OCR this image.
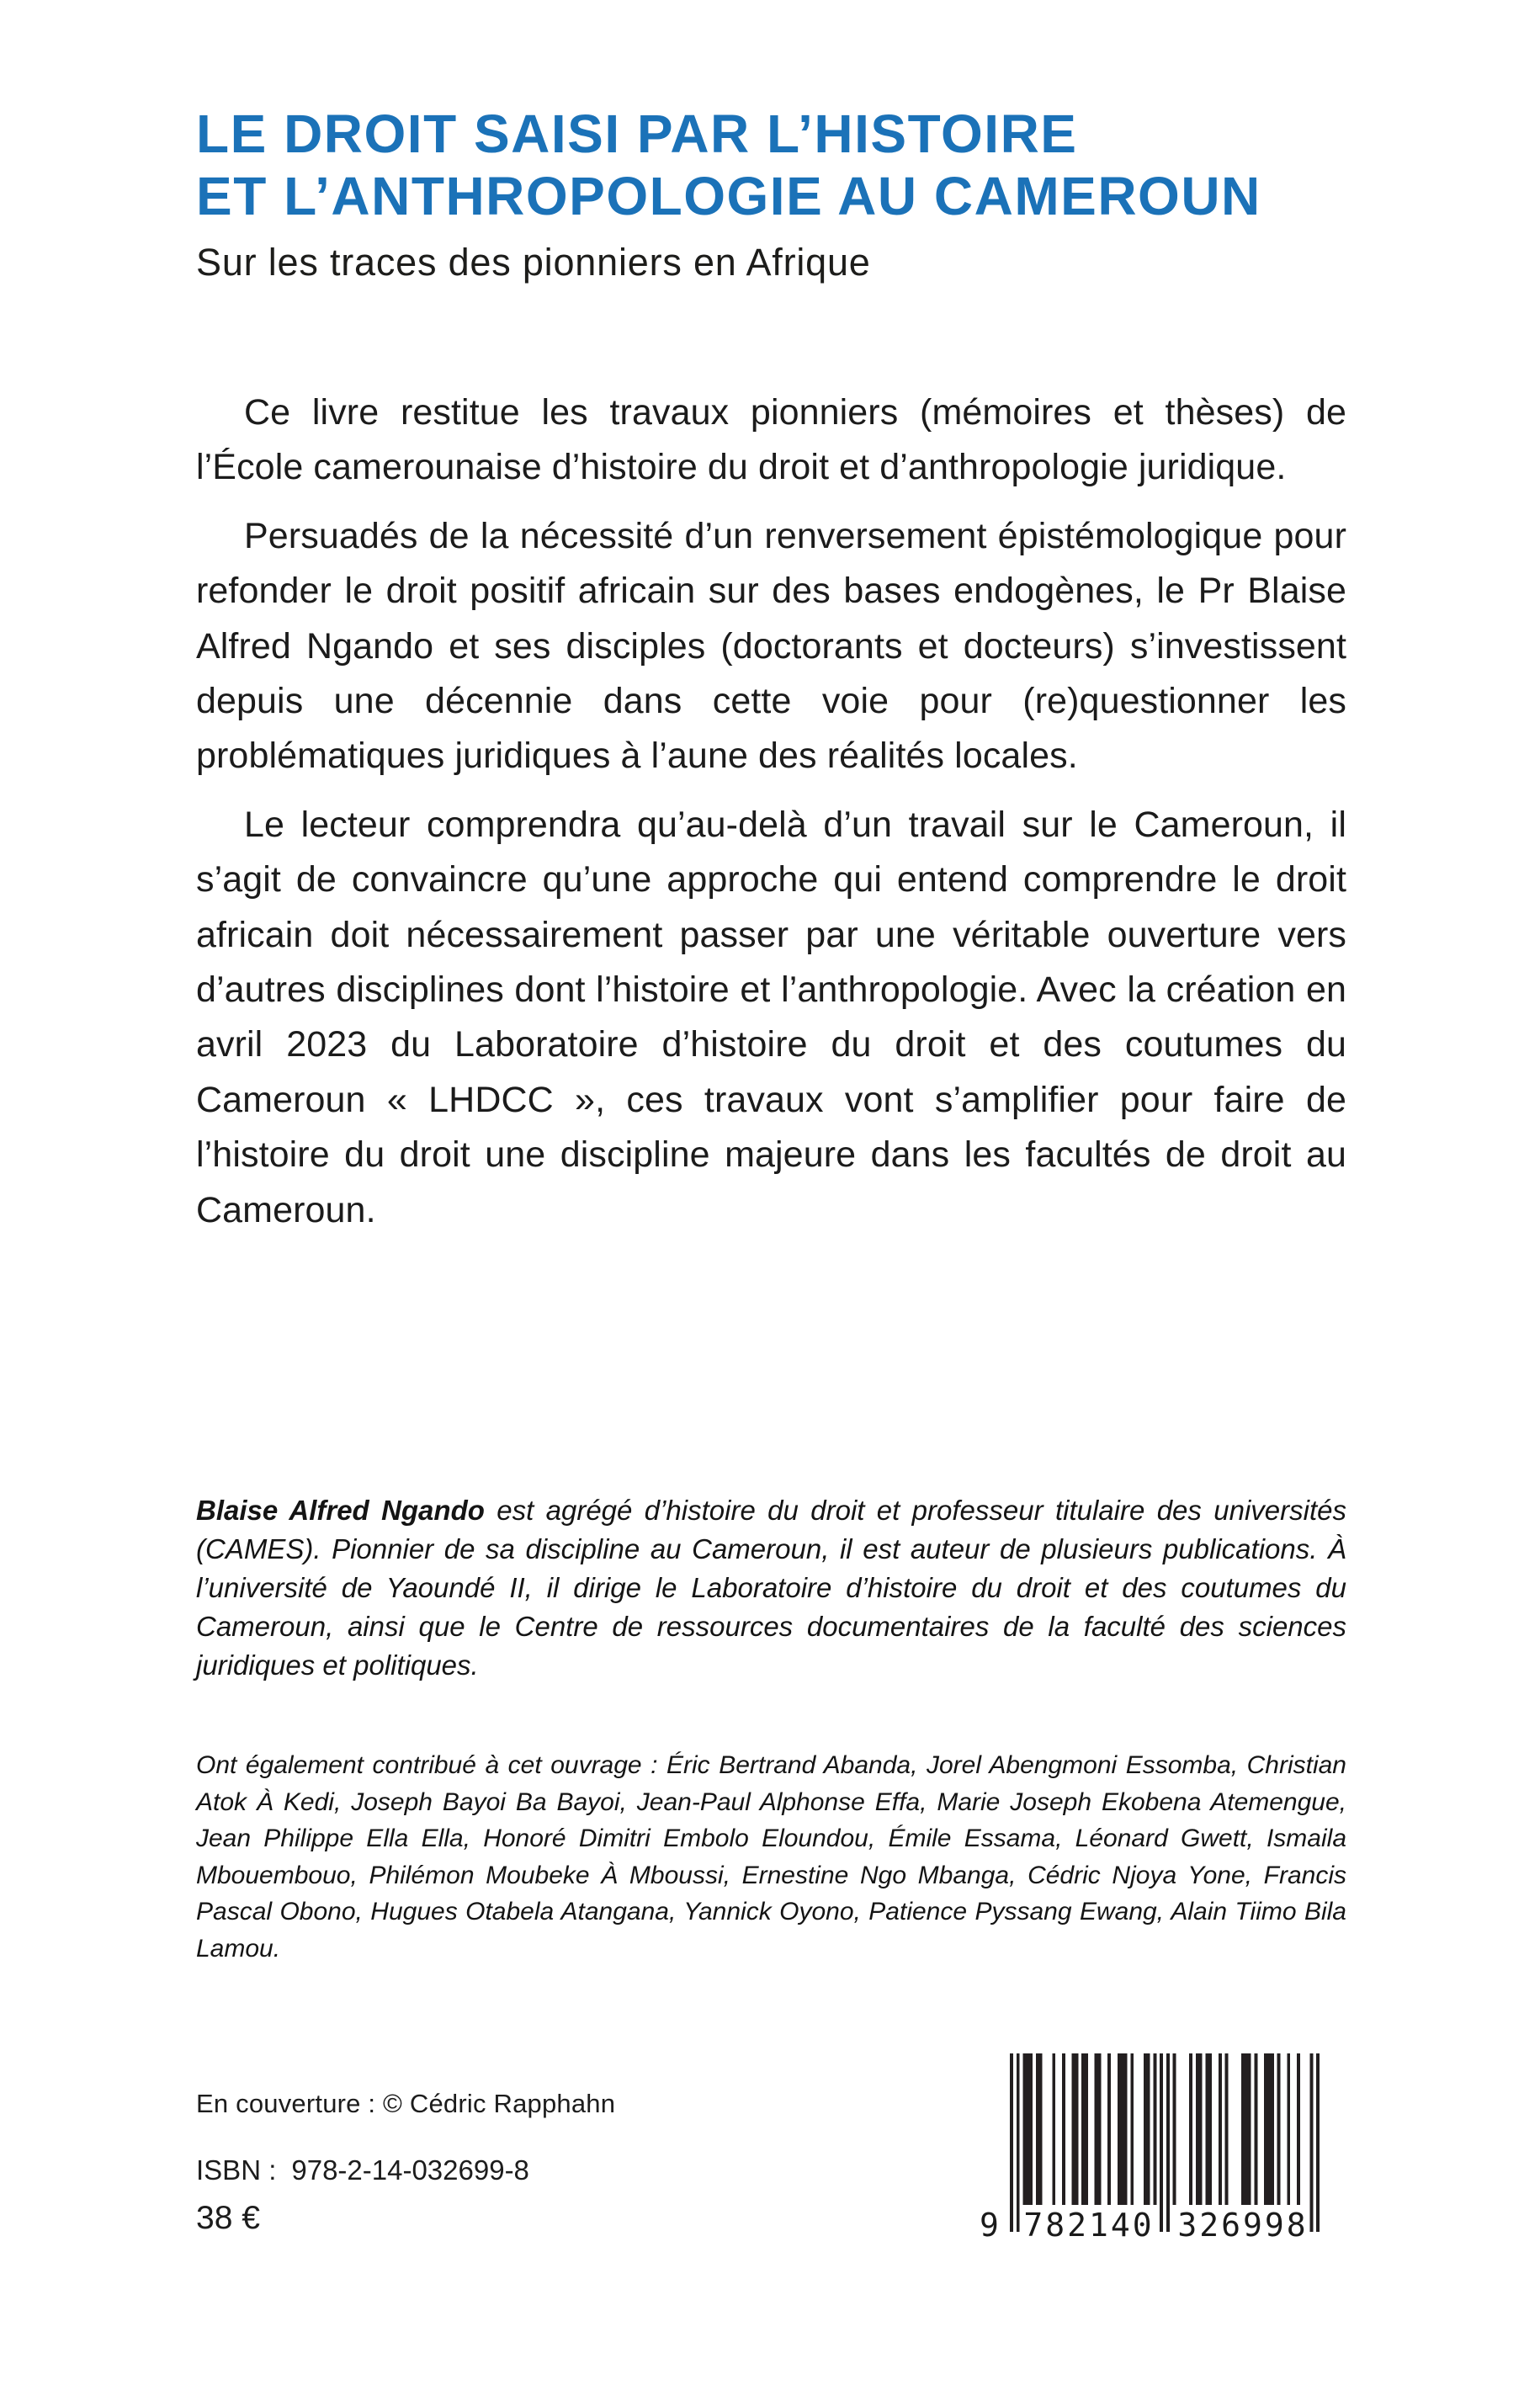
LE DROIT SAISI PAR L’HISTOIRE
ET L’ANTHROPOLOGIE AU CAMEROUN
Sur les traces des pionniers en Afrique

Ce livre restitue les travaux pionniers (mémoires et thèses) de l’École camerounaise d’histoire du droit et d’anthropologie juridique.

Persuadés de la nécessité d’un renversement épistémologique pour refonder le droit positif africain sur des bases endogènes, le Pr Blaise Alfred Ngando et ses disciples (doctorants et docteurs) s’investissent depuis une décennie dans cette voie pour (re)questionner les problématiques juridiques à l’aune des réalités locales.

Le lecteur comprendra qu’au-delà d’un travail sur le Cameroun, il s’agit de convaincre qu’une approche qui entend comprendre le droit africain doit nécessairement passer par une véritable ouverture vers d’autres disciplines dont l’histoire et l’anthropologie. Avec la création en avril 2023 du Laboratoire d’histoire du droit et des coutumes du Cameroun « LHDCC », ces travaux vont s’amplifier pour faire de l’histoire du droit une discipline majeure dans les facultés de droit au Cameroun.

Blaise Alfred Ngando est agrégé d’histoire du droit et professeur titulaire des universités (CAMES). Pionnier de sa discipline au Cameroun, il est auteur de plusieurs publications. À l’université de Yaoundé II, il dirige le Laboratoire d’histoire du droit et des coutumes du Cameroun, ainsi que le Centre de ressources documentaires de la faculté des sciences juridiques et politiques.

Ont également contribué à cet ouvrage : Éric Bertrand Abanda, Jorel Abengmoni Essomba, Christian Atok À Kedi, Joseph Bayoi Ba Bayoi, Jean-Paul Alphonse Effa, Marie Joseph Ekobena Atemengue, Jean Philippe Ella Ella, Honoré Dimitri Embolo Eloundou, Émile Essama, Léonard Gwett, Ismaila Mbouembouo, Philémon Moubeke À Mboussi, Ernestine Ngo Mbanga, Cédric Njoya Yone, Francis Pascal Obono, Hugues Otabela Atangana, Yannick Oyono, Patience Pyssang Ewang, Alain Tiimo Bila Lamou.

En couverture : © Cédric Rapphahn
ISBN : 978-2-14-032699-8
38 €	9 782140 326998
